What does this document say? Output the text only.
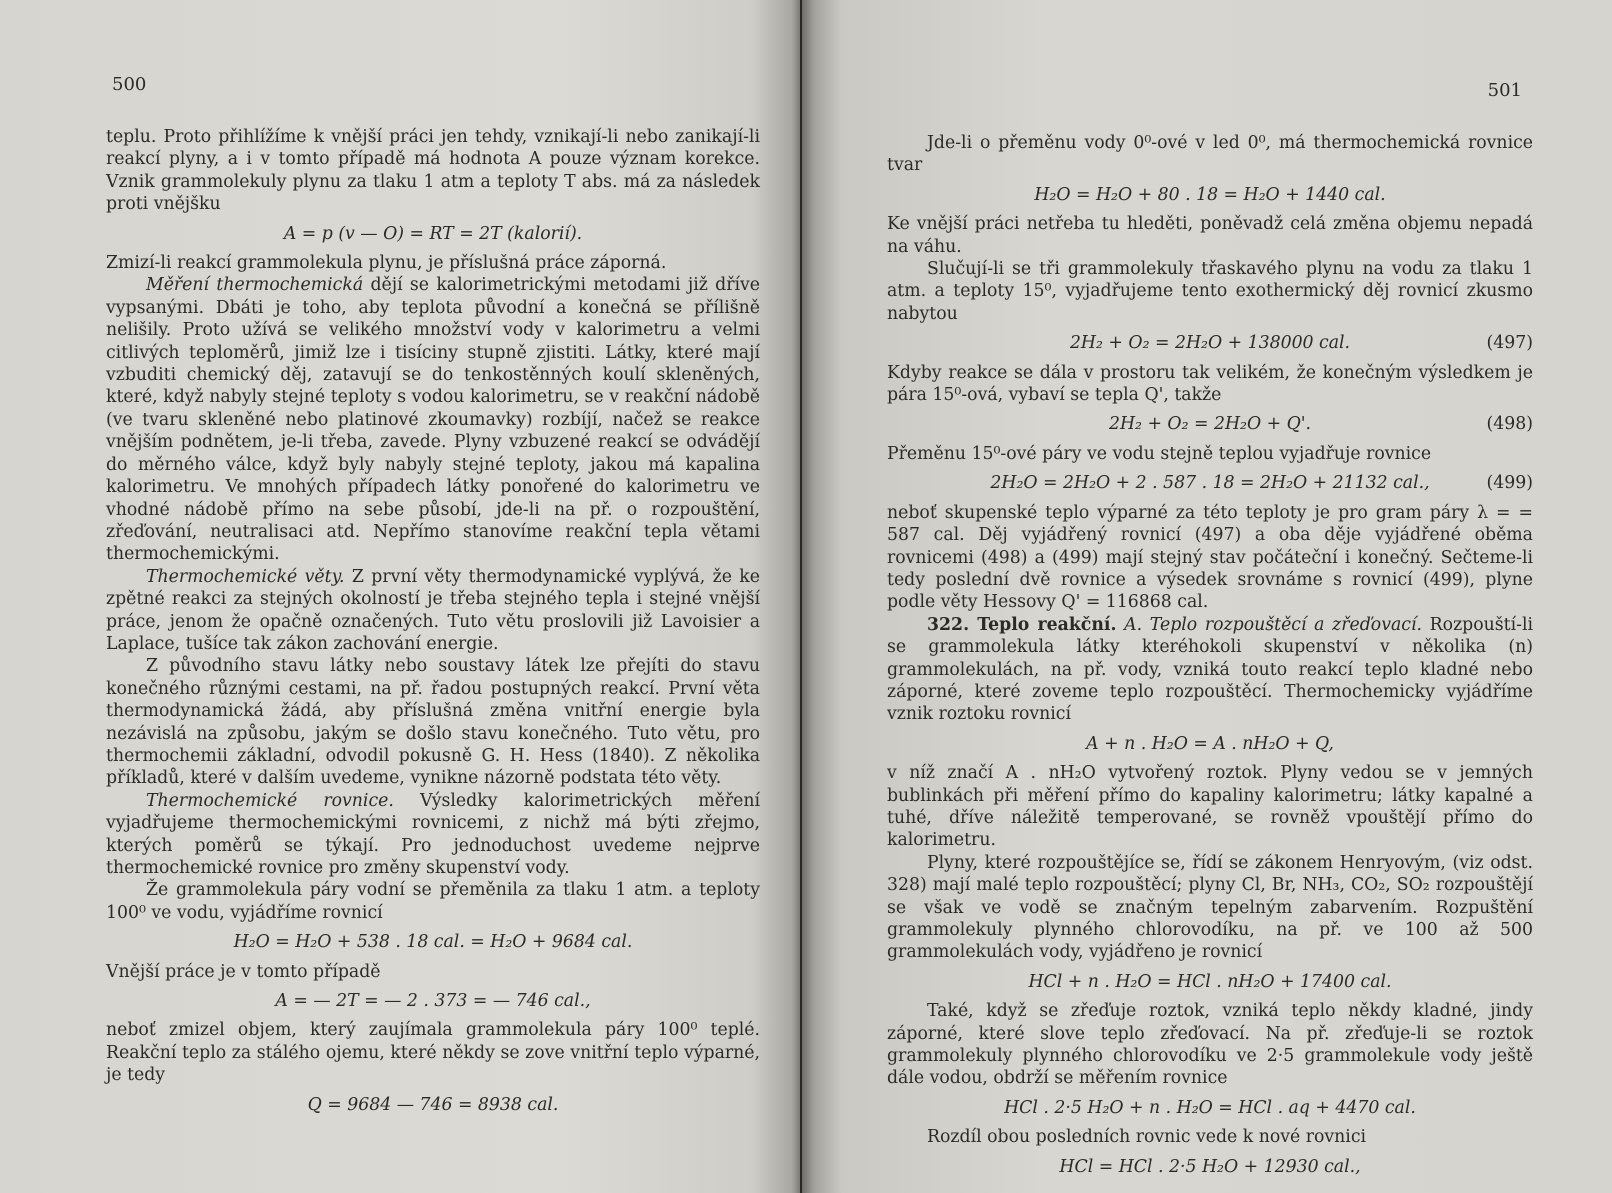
500

teplu. Proto přihlížíme k vnější práci jen tehdy, vznikají-li nebo zanikají-li reakcí plyny, a i v tomto případě má hodnota A pouze význam korekce. Vznik grammolekuly plynu za tlaku 1 atm a teploty T abs. má za následek proti vnějšku

A = p (v — O) = RT = 2T (kalorií).

Zmizí-li reakcí grammolekula plynu, je příslušná práce záporná.

Měření thermochemická dějí se kalorimetrickými metodami již dříve vypsanými. Dbáti je toho, aby teplota původní a konečná se přílišně nelišily. Proto užívá se velikého množství vody v kalorimetru a velmi citlivých teploměrů, jimiž lze i tisíciny stupně zjistiti. Látky, které mají vzbuditi chemický děj, zatavují se do tenkostěnných koulí skleněných, které, když nabyly stejné teploty s vodou kalorimetru, se v reakční nádobě (ve tvaru skleněné nebo platinové zkoumavky) rozbíjí, načež se reakce vnějším podnětem, je-li třeba, zavede. Plyny vzbuzené reakcí se odvádějí do měrného válce, když byly nabyly stejné teploty, jakou má kapalina kalorimetru. Ve mnohých případech látky ponořené do kalorimetru ve vhodné nádobě přímo na sebe působí, jde-li na př. o rozpouštění, zřeďování, neutralisaci atd. Nepřímo stanovíme reakční tepla větami thermochemickými.

Thermochemické věty. Z první věty thermodynamické vyplývá, že ke zpětné reakci za stejných okolností je třeba stejného tepla i stejné vnější práce, jenom že opačně označených. Tuto větu proslovili již Lavoisier a Laplace, tušíce tak zákon zachování energie.

Z původního stavu látky nebo soustavy látek lze přejíti do stavu konečného různými cestami, na př. řadou postupných reakcí. První věta thermodynamická žádá, aby příslušná změna vnitřní energie byla nezávislá na způsobu, jakým se došlo stavu konečného. Tuto větu, pro thermochemii základní, odvodil pokusně G. H. Hess (1840). Z několika příkladů, které v dalším uvedeme, vynikne názorně podstata této věty.

Thermochemické rovnice. Výsledky kalorimetrických měření vyjadřujeme thermochemickými rovnicemi, z nichž má býti zřejmo, kterých poměrů se týkají. Pro jednoduchost uvedeme nejprve thermochemické rovnice pro změny skupenství vody.

Že grammolekula páry vodní se přeměnila za tlaku 1 atm. a teploty 100⁰ ve vodu, vyjádříme rovnicí

H₂O = H₂O + 538 . 18 cal. = H₂O + 9684 cal.

Vnější práce je v tomto případě

A = — 2T = — 2 . 373 = — 746 cal.,

neboť zmizel objem, který zaujímala grammolekula páry 100⁰ teplé. Reakční teplo za stálého ojemu, které někdy se zove vnitřní teplo výparné, je tedy

Q = 9684 — 746 = 8938 cal.
501

Jde-li o přeměnu vody 0⁰-ové v led 0⁰, má thermochemická rovnice tvar

H₂O = H₂O + 80 . 18 = H₂O + 1440 cal.

Ke vnější práci netřeba tu hleděti, poněvadž celá změna objemu nepadá na váhu.

Slučují-li se tři grammolekuly třaskavého plynu na vodu za tlaku 1 atm. a teploty 15⁰, vyjadřujeme tento exothermický děj rovnicí zkusmo nabytou

2H₂ + O₂ = 2H₂O + 138000 cal.	(497)

Kdyby reakce se dála v prostoru tak velikém, že konečným výsledkem je pára 15⁰-ová, vybaví se tepla Q', takže

2H₂ + O₂ = 2H₂O + Q'.	(498)

Přeměnu 15⁰-ové páry ve vodu stejně teplou vyjadřuje rovnice

2H₂O = 2H₂O + 2 . 587 . 18 = 2H₂O + 21132 cal.,	(499)

neboť skupenské teplo výparné za této teploty je pro gram páry λ = = 587 cal. Děj vyjádřený rovnicí (497) a oba děje vyjádřené oběma rovnicemi (498) a (499) mají stejný stav počáteční i konečný. Sečteme-li tedy poslední dvě rovnice a výsedek srovnáme s rovnicí (499), plyne podle věty Hessovy Q' = 116868 cal.

322. Teplo reakční. A. Teplo rozpouštěcí a zřeďovací. Rozpouští-li se grammolekula látky kteréhokoli skupenství v několika (n) grammolekulách, na př. vody, vzniká touto reakcí teplo kladné nebo záporné, které zoveme teplo rozpouštěcí. Thermochemicky vyjádříme vznik roztoku rovnicí

A + n . H₂O = A . nH₂O + Q,

v níž značí A . nH₂O vytvořený roztok. Plyny vedou se v jemných bublinkách při měření přímo do kapaliny kalorimetru; látky kapalné a tuhé, dříve náležitě temperované, se rovněž vpouštějí přímo do kalorimetru.

Plyny, které rozpouštějíce se, řídí se zákonem Henryovým, (viz odst. 328) mají malé teplo rozpouštěcí; plyny Cl, Br, NH₃, CO₂, SO₂ rozpouštějí se však ve vodě se značným tepelným zabarvením. Rozpuštění grammolekuly plynného chlorovodíku, na př. ve 100 až 500 grammolekulách vody, vyjádřeno je rovnicí

HCl + n . H₂O = HCl . nH₂O + 17400 cal.

Také, když se zřeďuje roztok, vzniká teplo někdy kladné, jindy záporné, které slove teplo zřeďovací. Na př. zřeďuje-li se roztok grammolekuly plynného chlorovodíku ve 2·5 grammolekule vody ještě dále vodou, obdrží se měřením rovnice

HCl . 2·5 H₂O + n . H₂O = HCl . aq + 4470 cal.

Rozdíl obou posledních rovnic vede k nové rovnici

HCl = HCl . 2·5 H₂O + 12930 cal.,
